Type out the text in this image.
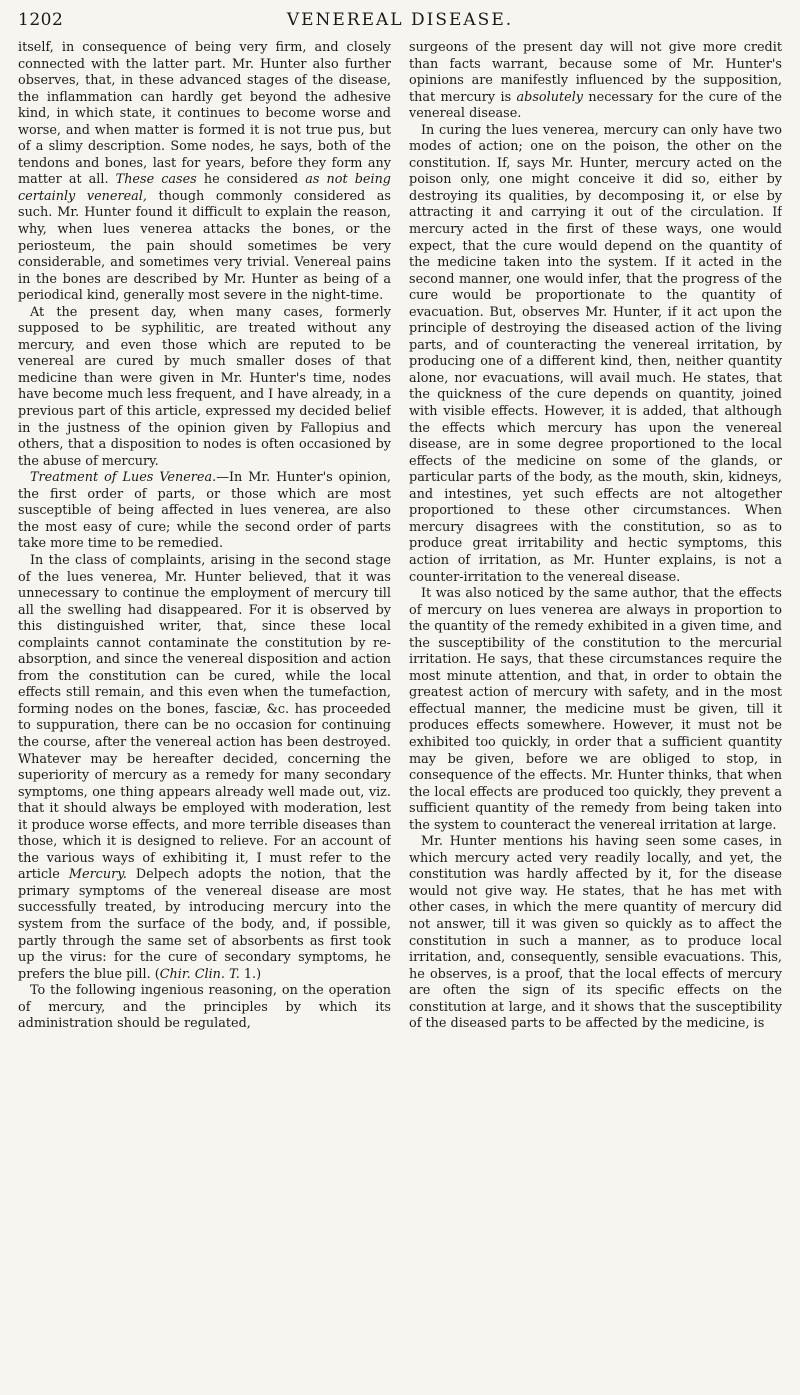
1202	VENEREAL DISEASE.

itself, in consequence of being very firm, and closely connected with the latter part. Mr. Hunter also further observes, that, in these advanced stages of the disease, the inflammation can hardly get beyond the adhesive kind, in which state, it continues to become worse and worse, and when matter is formed it is not true pus, but of a slimy description. Some nodes, he says, both of the tendons and bones, last for years, before they form any matter at all. These cases he considered as not being certainly venereal, though commonly considered as such. Mr. Hunter found it difficult to explain the reason, why, when lues venerea attacks the bones, or the periosteum, the pain should sometimes be very considerable, and sometimes very trivial. Venereal pains in the bones are described by Mr. Hunter as being of a periodical kind, generally most severe in the night-time.

At the present day, when many cases, formerly supposed to be syphilitic, are treated without any mercury, and even those which are reputed to be venereal are cured by much smaller doses of that medicine than were given in Mr. Hunter's time, nodes have become much less frequent, and I have already, in a previous part of this article, expressed my decided belief in the justness of the opinion given by Fallopius and others, that a disposition to nodes is often occasioned by the abuse of mercury.

Treatment of Lues Venerea.—In Mr. Hunter's opinion, the first order of parts, or those which are most susceptible of being affected in lues venerea, are also the most easy of cure; while the second order of parts take more time to be remedied.

In the class of complaints, arising in the second stage of the lues venerea, Mr. Hunter believed, that it was unnecessary to continue the employment of mercury till all the swelling had disappeared. For it is observed by this distinguished writer, that, since these local complaints cannot contaminate the constitution by re-absorption, and since the venereal disposition and action from the constitution can be cured, while the local effects still remain, and this even when the tumefaction, forming nodes on the bones, fasciæ, &c. has proceeded to suppuration, there can be no occasion for continuing the course, after the venereal action has been destroyed. Whatever may be hereafter decided, concerning the superiority of mercury as a remedy for many secondary symptoms, one thing appears already well made out, viz. that it should always be employed with moderation, lest it produce worse effects, and more terrible diseases than those, which it is designed to relieve. For an account of the various ways of exhibiting it, I must refer to the article Mercury. Delpech adopts the notion, that the primary symptoms of the venereal disease are most successfully treated, by introducing mercury into the system from the surface of the body, and, if possible, partly through the same set of absorbents as first took up the virus: for the cure of secondary symptoms, he prefers the blue pill. (Chir. Clin. T. 1.)

To the following ingenious reasoning, on the operation of mercury, and the principles by which its administration should be regulated,

surgeons of the present day will not give more credit than facts warrant, because some of Mr. Hunter's opinions are manifestly influenced by the supposition, that mercury is absolutely necessary for the cure of the venereal disease.

In curing the lues venerea, mercury can only have two modes of action; one on the poison, the other on the constitution. If, says Mr. Hunter, mercury acted on the poison only, one might conceive it did so, either by destroying its qualities, by decomposing it, or else by attracting it and carrying it out of the circulation. If mercury acted in the first of these ways, one would expect, that the cure would depend on the quantity of the medicine taken into the system. If it acted in the second manner, one would infer, that the progress of the cure would be proportionate to the quantity of evacuation. But, observes Mr. Hunter, if it act upon the principle of destroying the diseased action of the living parts, and of counteracting the venereal irritation, by producing one of a different kind, then, neither quantity alone, nor evacuations, will avail much. He states, that the quickness of the cure depends on quantity, joined with visible effects. However, it is added, that although the effects which mercury has upon the venereal disease, are in some degree proportioned to the local effects of the medicine on some of the glands, or particular parts of the body, as the mouth, skin, kidneys, and intestines, yet such effects are not altogether proportioned to these other circumstances. When mercury disagrees with the constitution, so as to produce great irritability and hectic symptoms, this action of irritation, as Mr. Hunter explains, is not a counter-irritation to the venereal disease.

It was also noticed by the same author, that the effects of mercury on lues venerea are always in proportion to the quantity of the remedy exhibited in a given time, and the susceptibility of the constitution to the mercurial irritation. He says, that these circumstances require the most minute attention, and that, in order to obtain the greatest action of mercury with safety, and in the most effectual manner, the medicine must be given, till it produces effects somewhere. However, it must not be exhibited too quickly, in order that a sufficient quantity may be given, before we are obliged to stop, in consequence of the effects. Mr. Hunter thinks, that when the local effects are produced too quickly, they prevent a sufficient quantity of the remedy from being taken into the system to counteract the venereal irritation at large.

Mr. Hunter mentions his having seen some cases, in which mercury acted very readily locally, and yet, the constitution was hardly affected by it, for the disease would not give way. He states, that he has met with other cases, in which the mere quantity of mercury did not answer, till it was given so quickly as to affect the constitution in such a manner, as to produce local irritation, and, consequently, sensible evacuations. This, he observes, is a proof, that the local effects of mercury are often the sign of its specific effects on the constitution at large, and it shows that the susceptibility of the diseased parts to be affected by the medicine, is
